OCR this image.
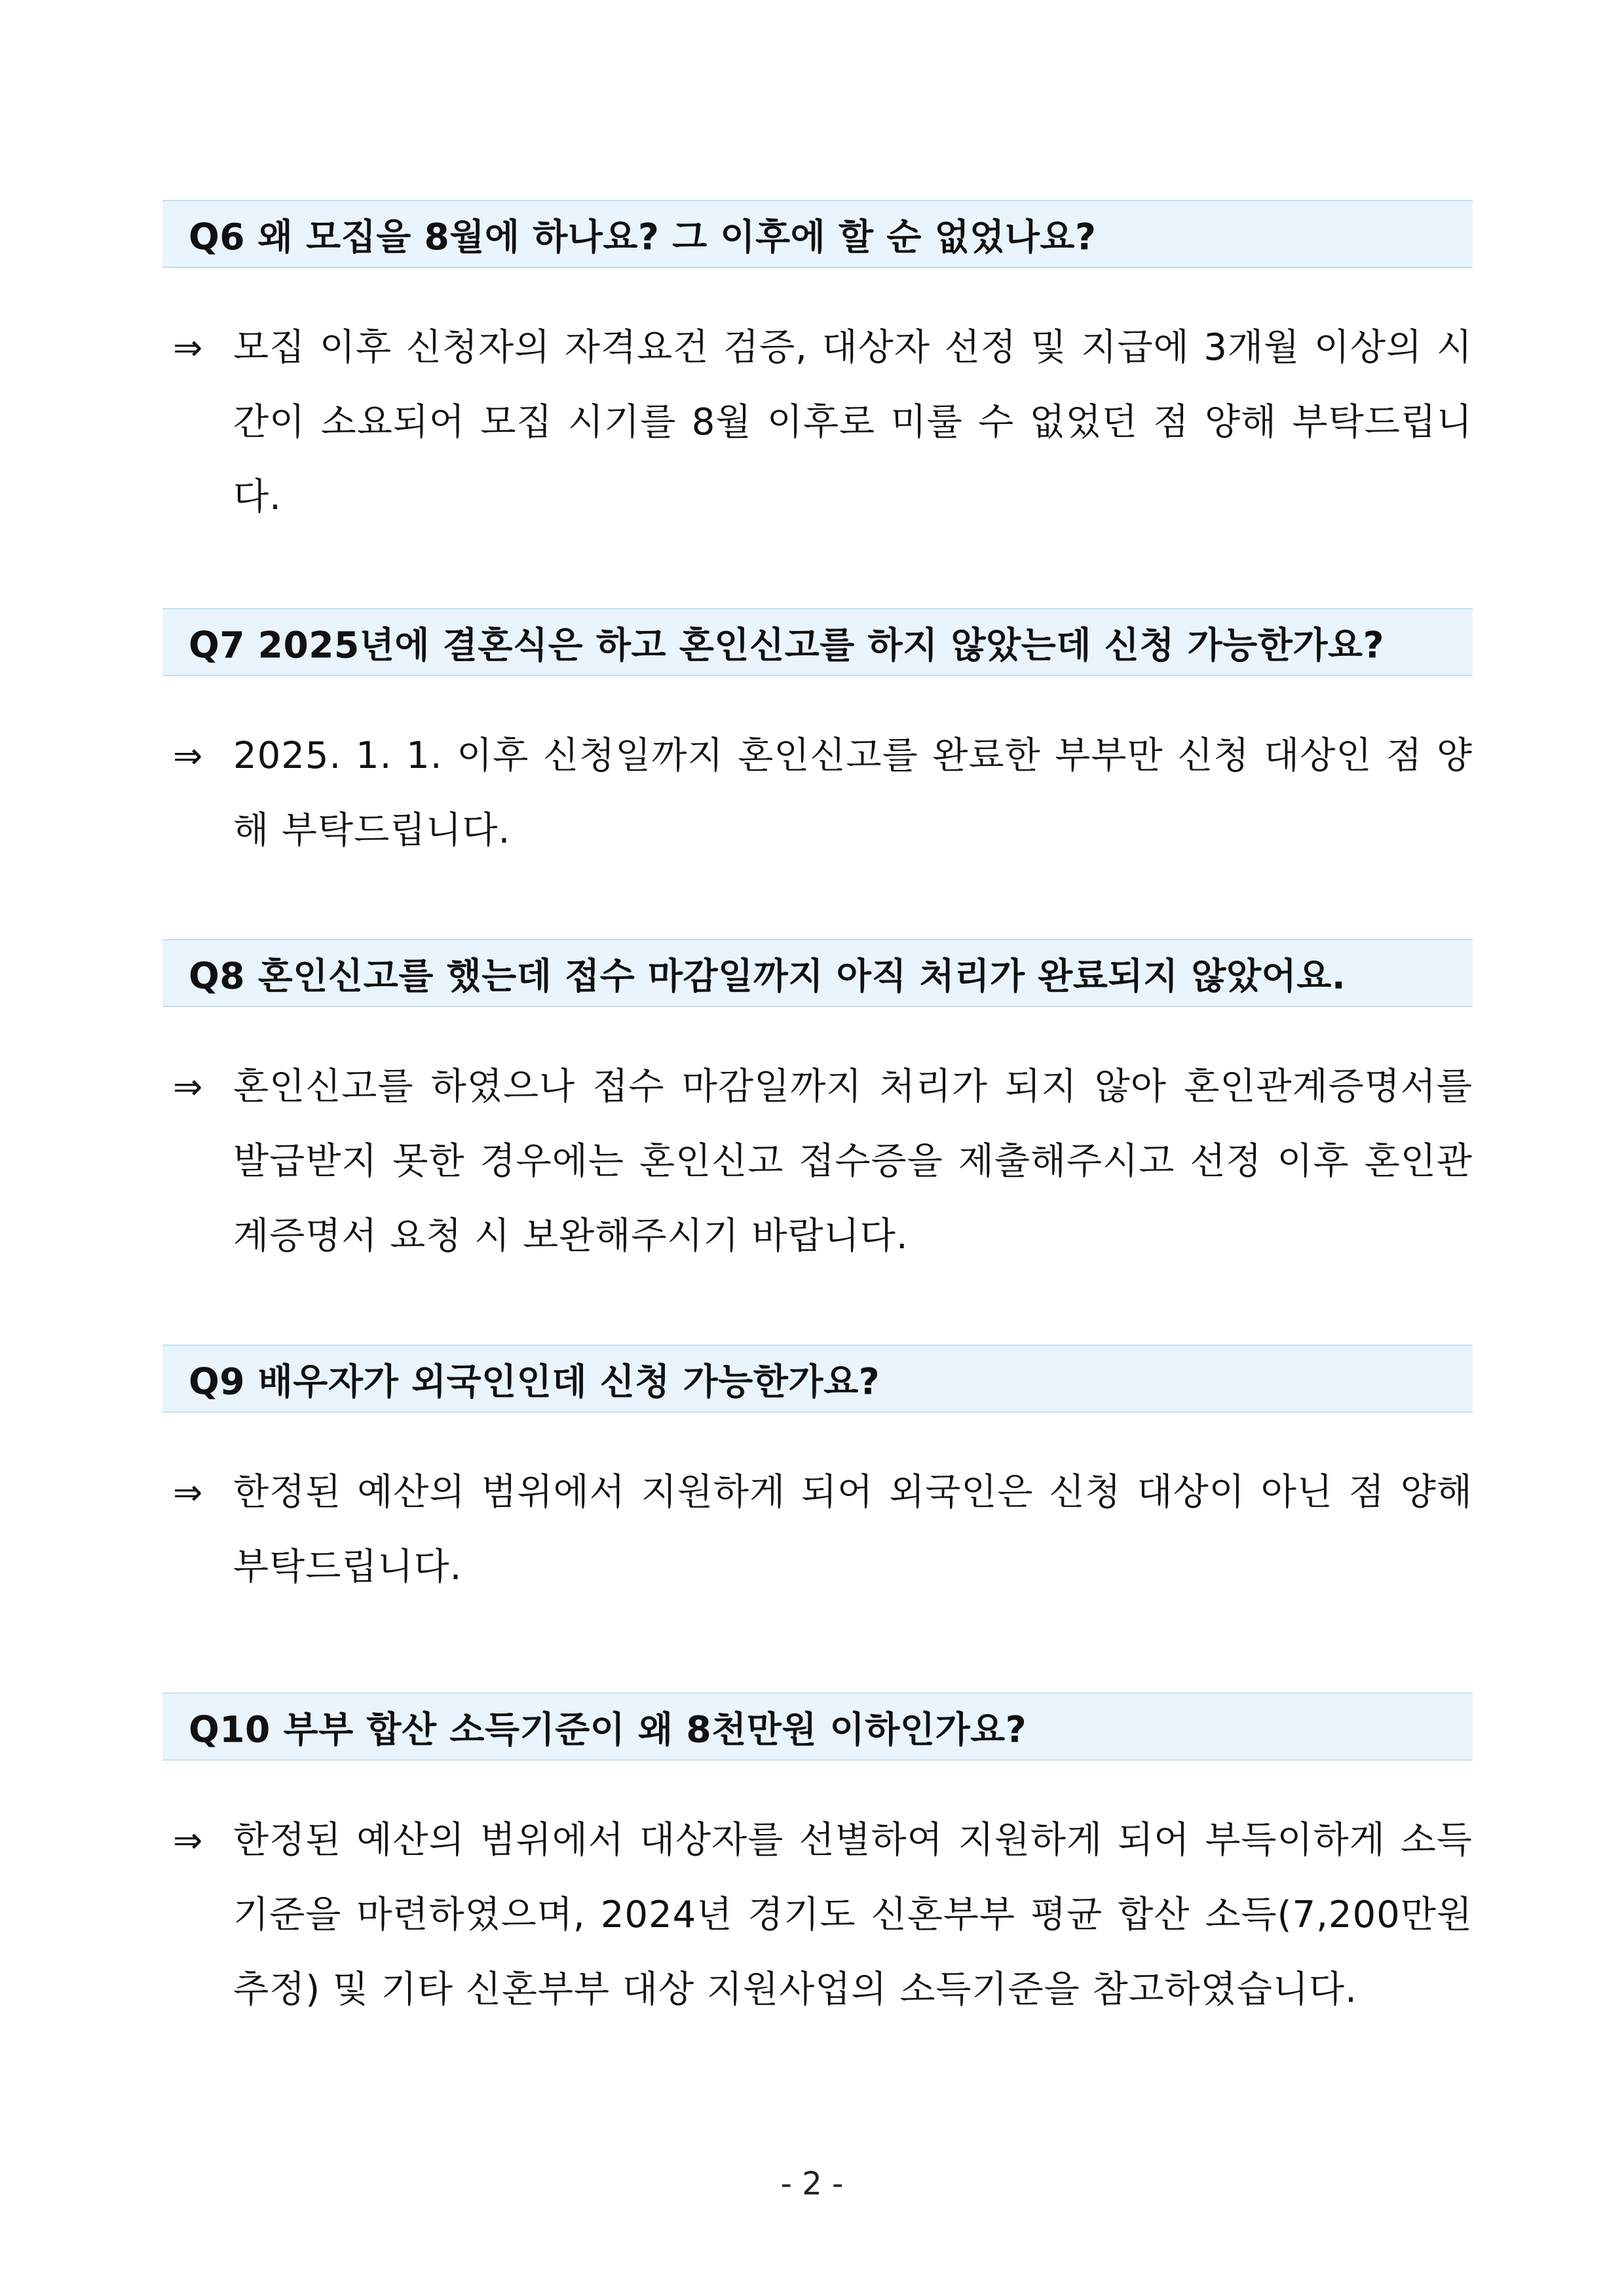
Q6 왜 모집을 8월에 하나요? 그 이후에 할 순 없었나요?
⇒ 모집 이후 신청자의 자격요건 검증, 대상자 선정 및 지급에 3개월 이상의 시간이 소요되어 모집 시기를 8월 이후로 미룰 수 없었던 점 양해 부탁드립니다.

Q7 2025년에 결혼식은 하고 혼인신고를 하지 않았는데 신청 가능한가요?
⇒ 2025. 1. 1. 이후 신청일까지 혼인신고를 완료한 부부만 신청 대상인 점 양해 부탁드립니다.

Q8 혼인신고를 했는데 접수 마감일까지 아직 처리가 완료되지 않았어요.
⇒ 혼인신고를 하였으나 접수 마감일까지 처리가 되지 않아 혼인관계증명서를 발급받지 못한 경우에는 혼인신고 접수증을 제출해주시고 선정 이후 혼인관계증명서 요청 시 보완해주시기 바랍니다.

Q9 배우자가 외국인인데 신청 가능한가요?
⇒ 한정된 예산의 범위에서 지원하게 되어 외국인은 신청 대상이 아닌 점 양해 부탁드립니다.

Q10 부부 합산 소득기준이 왜 8천만원 이하인가요?
⇒ 한정된 예산의 범위에서 대상자를 선별하여 지원하게 되어 부득이하게 소득기준을 마련하였으며, 2024년 경기도 신혼부부 평균 합산 소득(7,200만원 추정) 및 기타 신혼부부 대상 지원사업의 소득기준을 참고하였습니다.

- 2 -
